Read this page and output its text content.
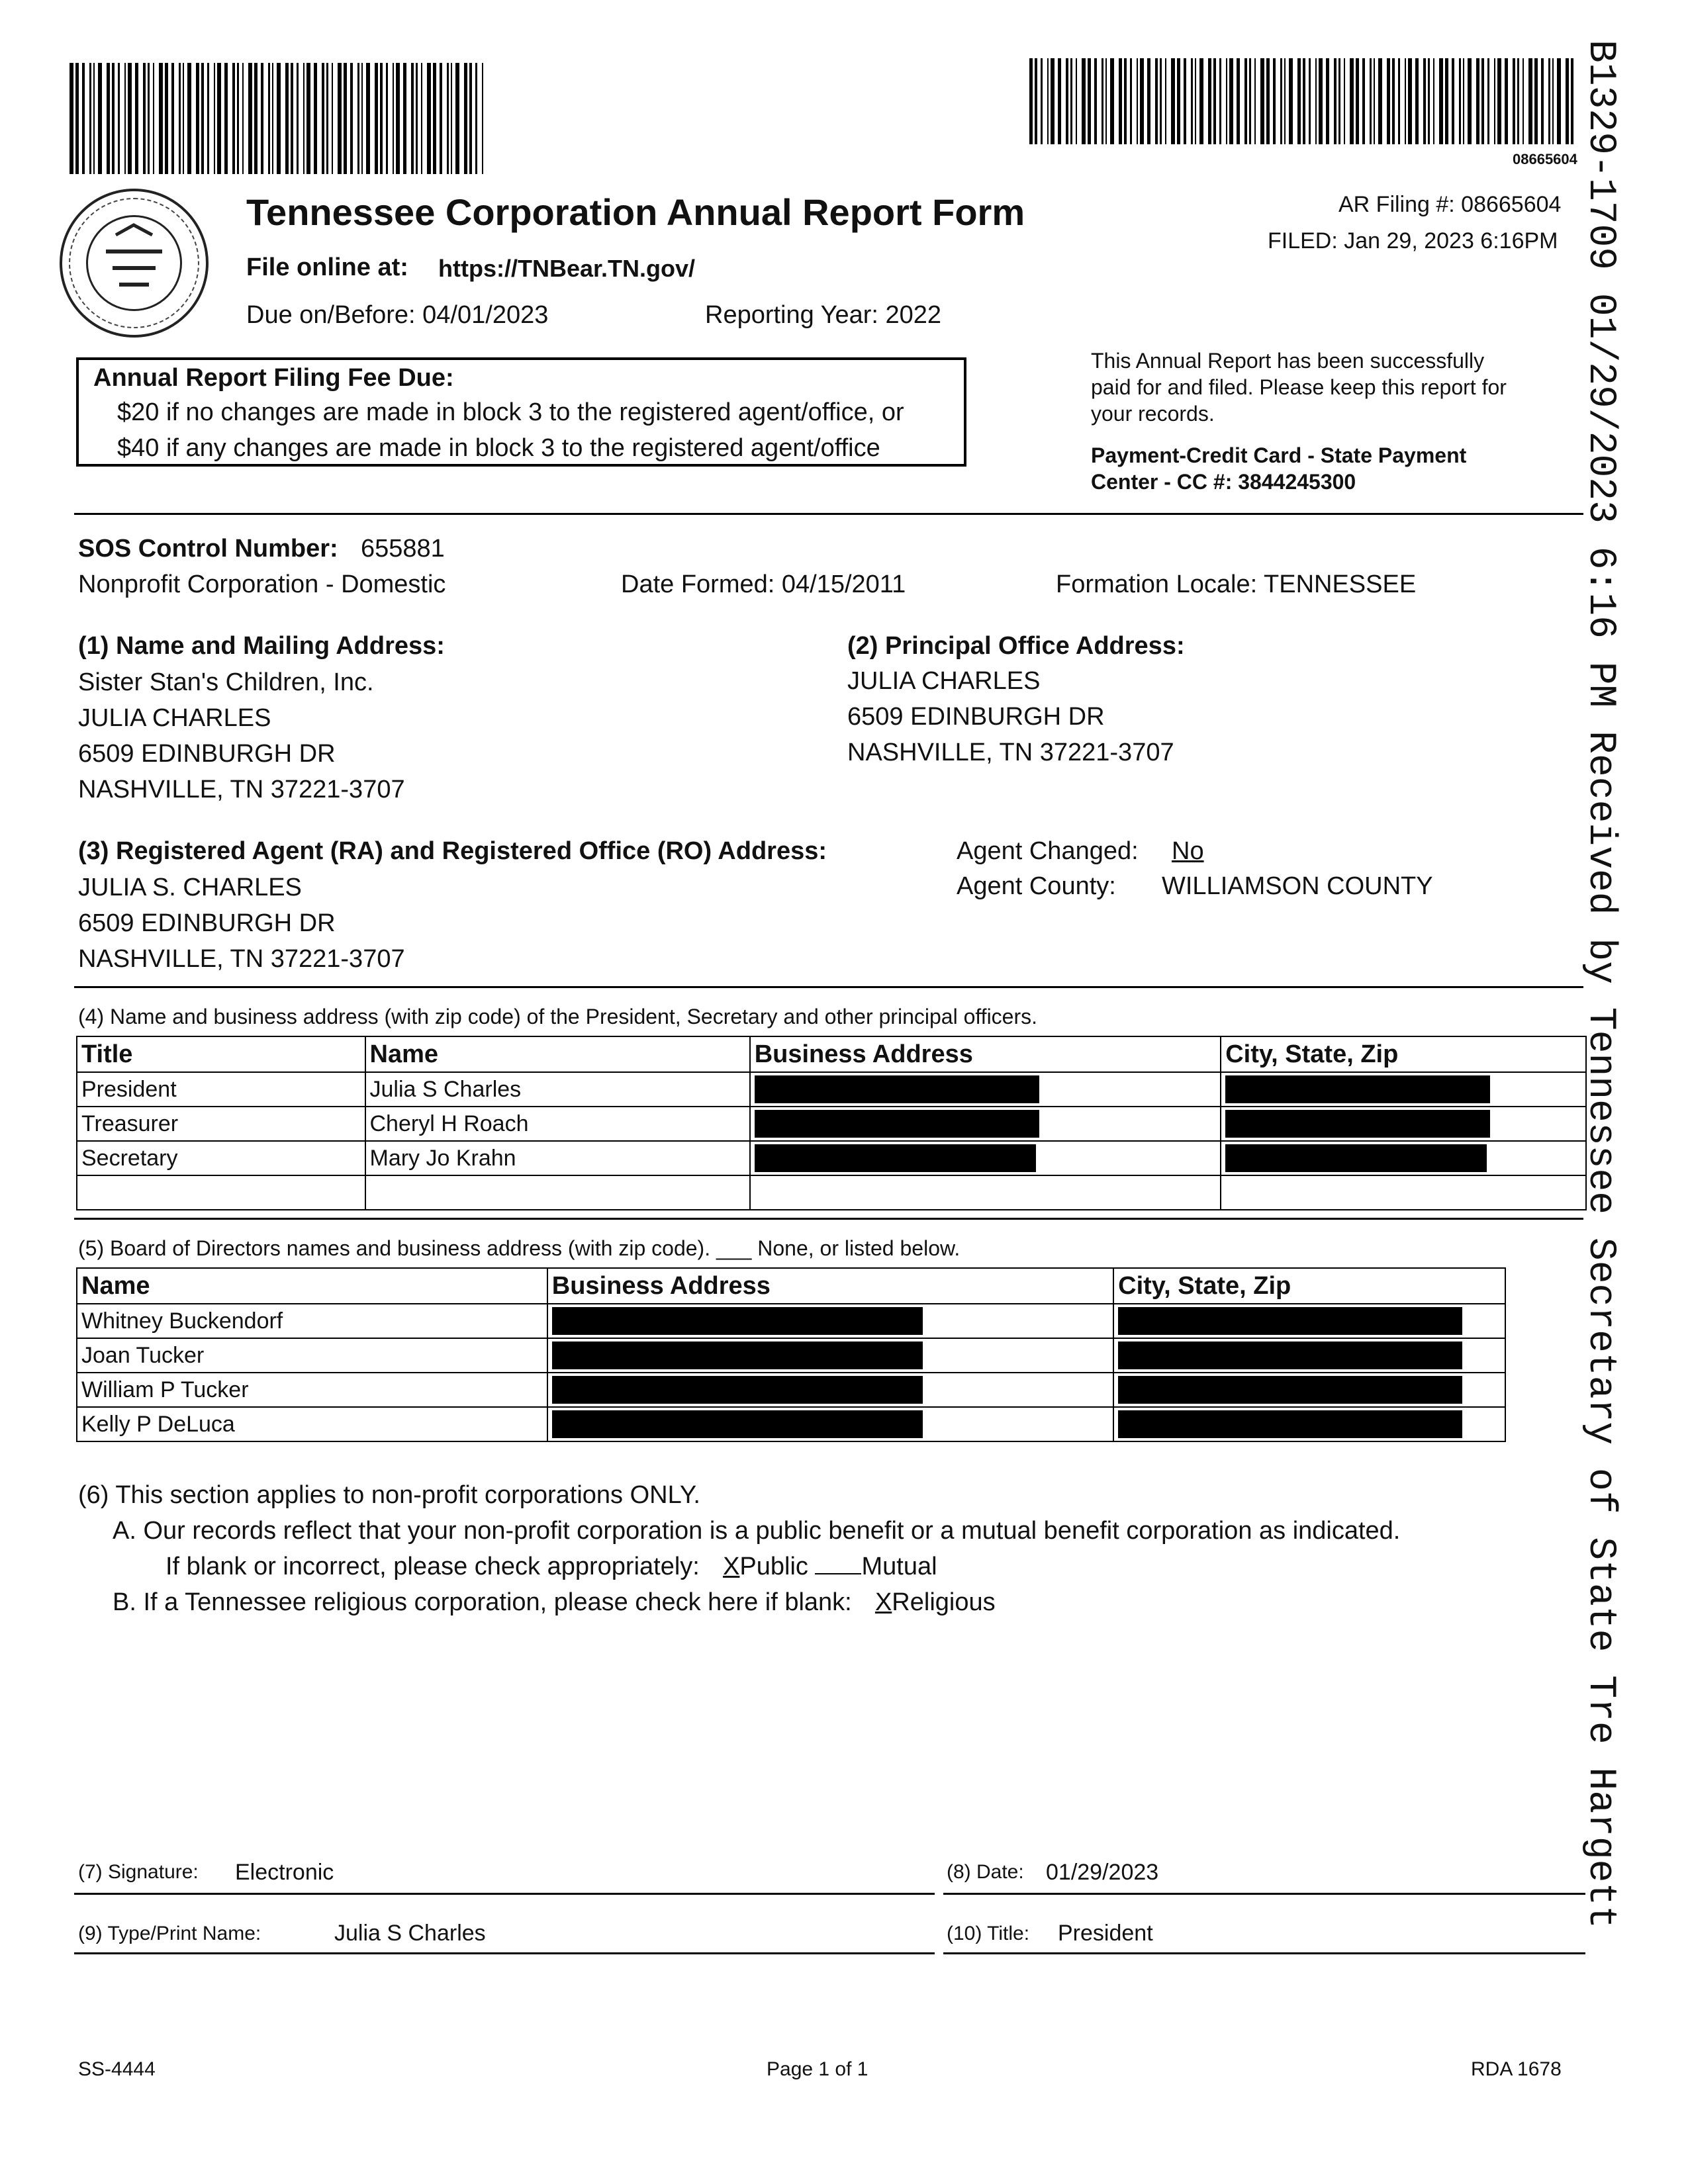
08665604
Tennessee Corporation Annual Report Form
File online at: https://TNBear.TN.gov/
Due on/Before: 04/01/2023	Reporting Year: 2022
AR Filing #: 08665604
FILED: Jan 29, 2023 6:16PM
Annual Report Filing Fee Due:
$20 if no changes are made in block 3 to the registered agent/office, or
$40 if any changes are made in block 3 to the registered agent/office
This Annual Report has been successfully
paid for and filed. Please keep this report for
your records.
Payment-Credit Card - State Payment
Center - CC #: 3844245300
SOS Control Number: 655881
Nonprofit Corporation - Domestic	Date Formed: 04/15/2011	Formation Locale: TENNESSEE
(1) Name and Mailing Address:
Sister Stan's Children, Inc.
JULIA CHARLES
6509 EDINBURGH DR
NASHVILLE, TN 37221-3707
(2) Principal Office Address:
JULIA CHARLES
6509 EDINBURGH DR
NASHVILLE, TN 37221-3707
(3) Registered Agent (RA) and Registered Office (RO) Address:
JULIA S. CHARLES
6509 EDINBURGH DR
NASHVILLE, TN 37221-3707
Agent Changed: No
Agent County: WILLIAMSON COUNTY
(4) Name and business address (with zip code) of the President, Secretary and other principal officers.
Title	Name	Business Address	City, State, Zip
President	Julia S Charles	

Treasurer	Cheryl H Roach	

Secretary	Mary Jo Krahn	

(5) Board of Directors names and business address (with zip code). ___ None, or listed below.
Name	Business Address	City, State, Zip
Whitney Buckendorf	

Joan Tucker	

William P Tucker	

Kelly P DeLuca	

(6) This section applies to non-profit corporations ONLY.
A. Our records reflect that your non-profit corporation is a public benefit or a mutual benefit corporation as indicated.
If blank or incorrect, please check appropriately: XPublic Mutual
B. If a Tennessee religious corporation, please check here if blank: XReligious
(7) Signature: Electronic	(8) Date: 01/29/2023
(9) Type/Print Name:	Julia S Charles	(10) Title: President
SS-4444	Page 1 of 1	RDA 1678
B1329-1709 01/29/2023 6:16 PM Received by Tennessee Secretary of State Tre Hargett
